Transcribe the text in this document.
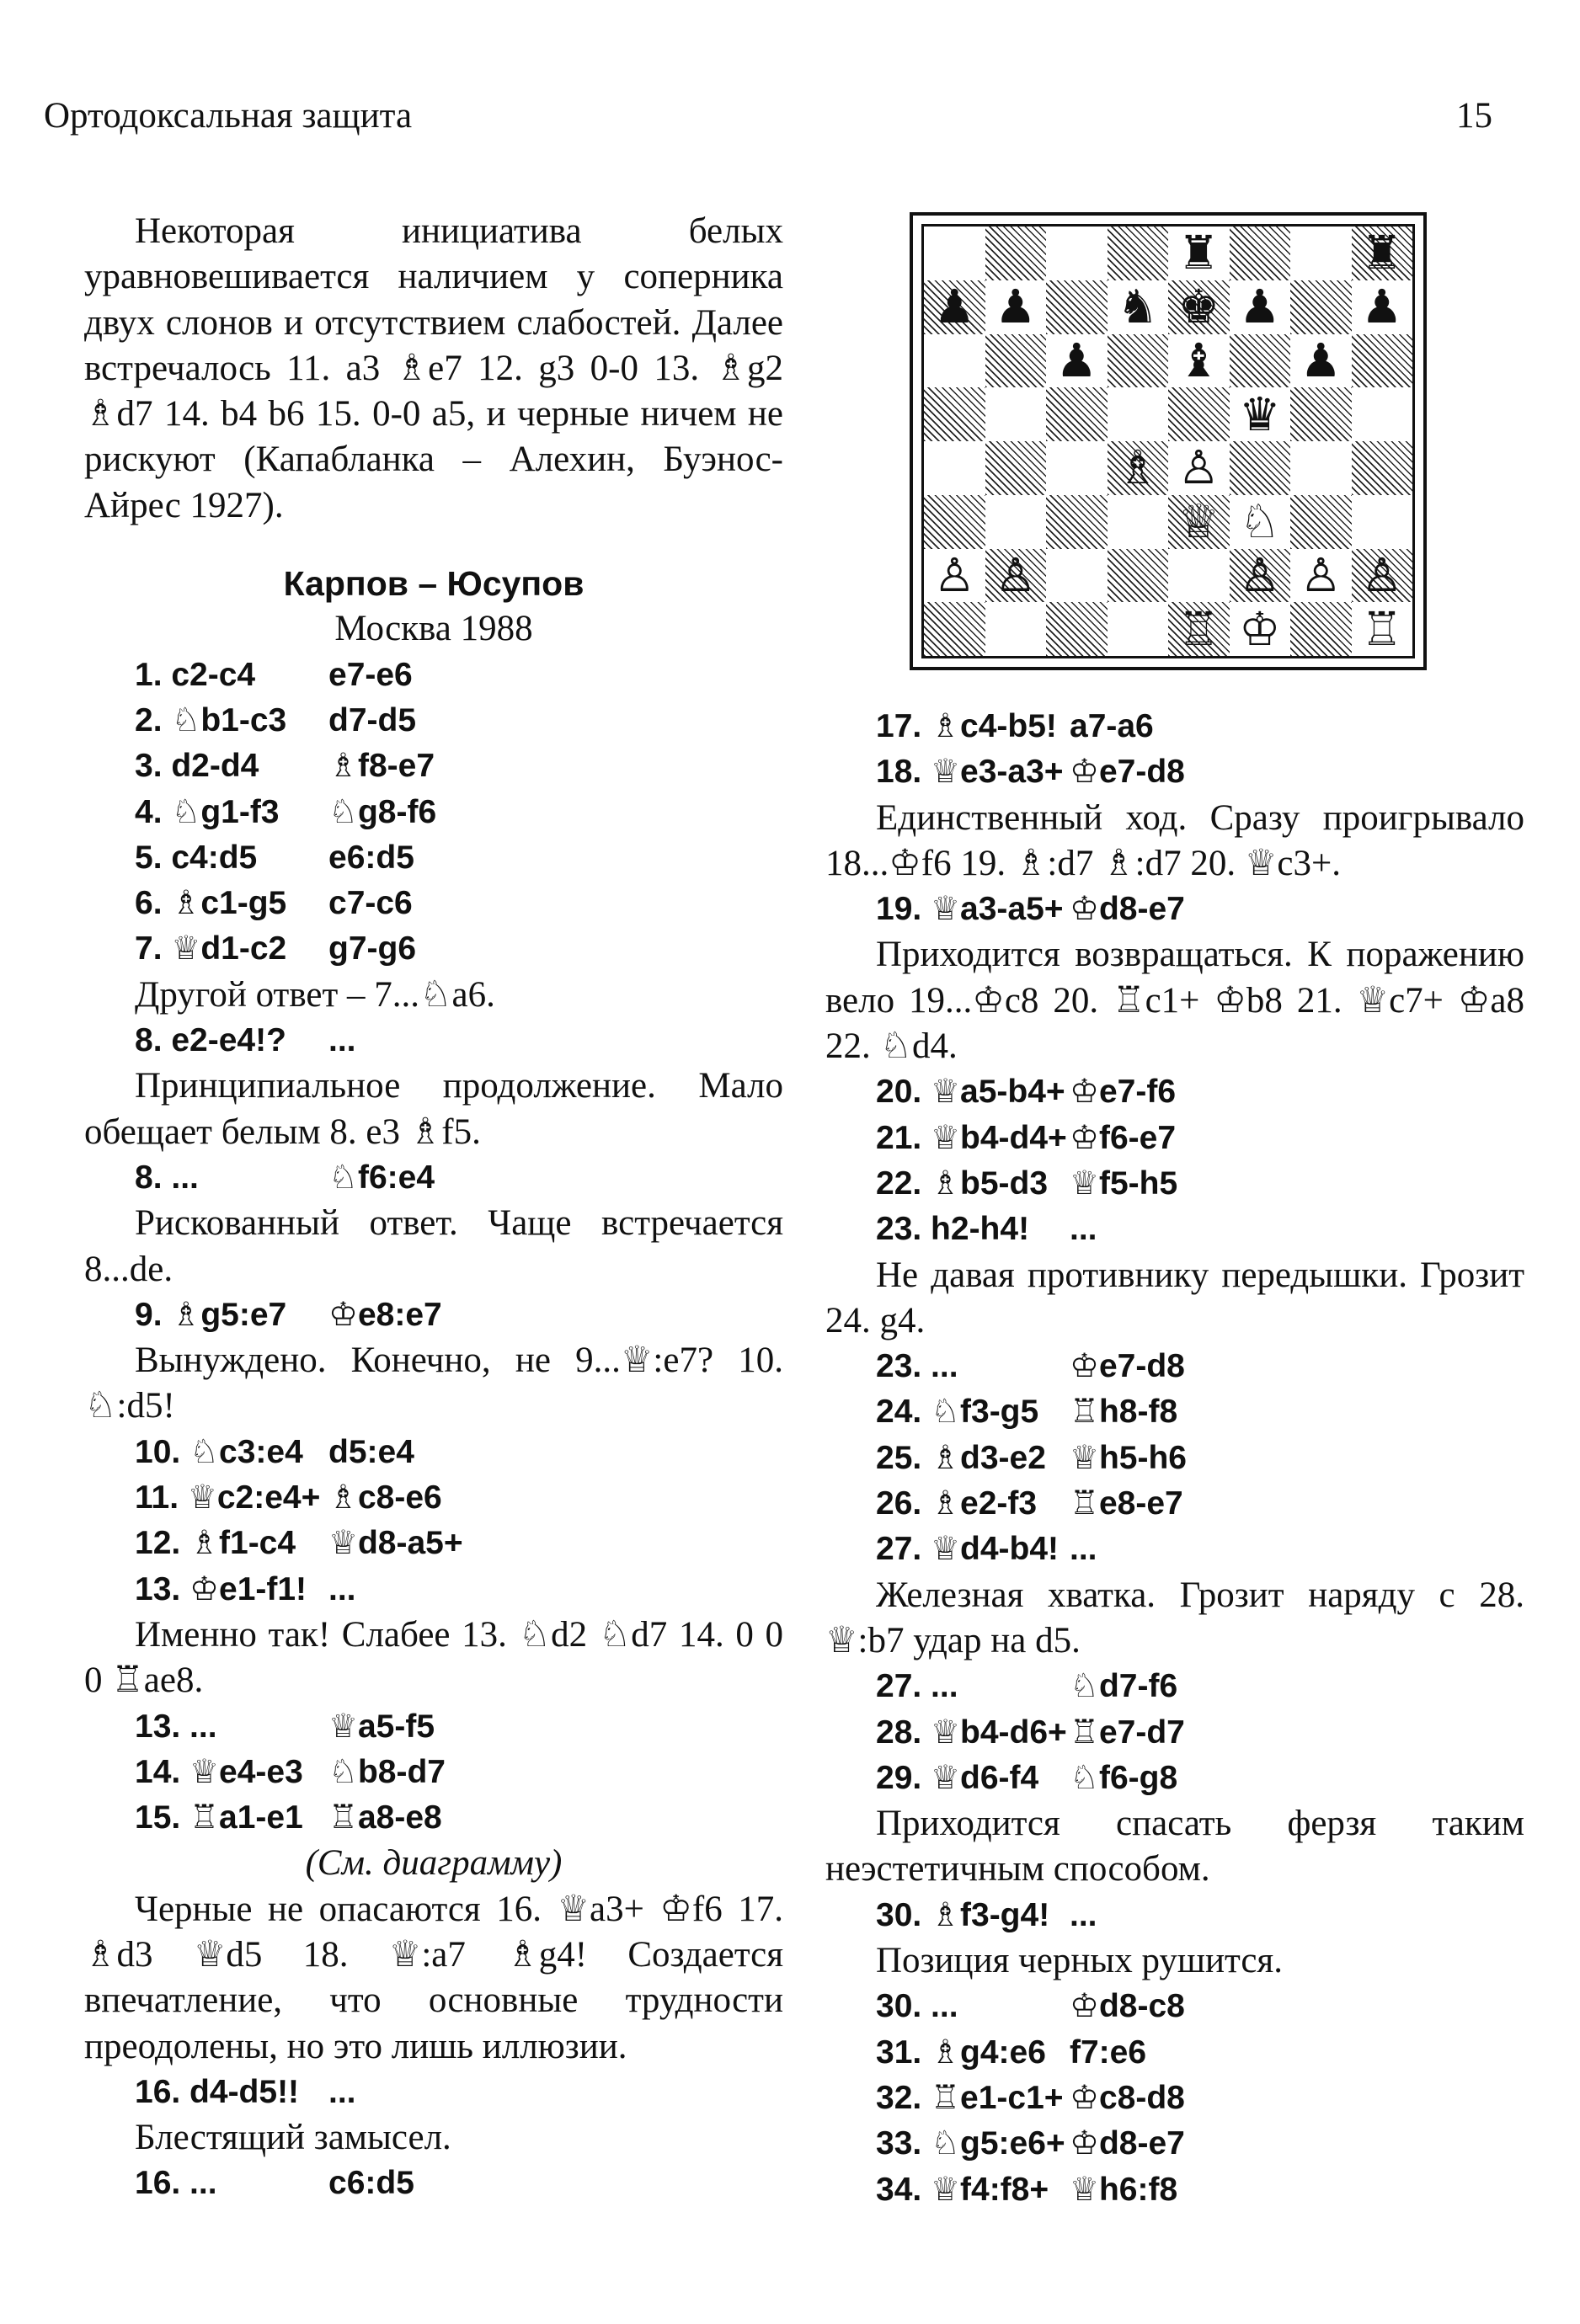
Ортодоксальная защита	15

Некоторая инициатива белых уравновешивается наличием у соперника двух слонов и отсутствием слабостей. Далее встречалось 11. a3 ♗e7 12. g3 0-0 13. ♗g2 ♗d7 14. b4 b6 15. 0-0 a5, и черные ничем не рискуют (Капабланка – Алехин, Буэнос-Айрес 1927).

Карпов – Юсупов
Москва 1988
1. c2-c4	e7-e6
2. ♘b1-c3	d7-d5
3. d2-d4	♗f8-e7
4. ♘g1-f3	♘g8-f6
5. c4:d5	e6:d5
6. ♗c1-g5	c7-c6
7. ♕d1-c2	g7-g6

Другой ответ – 7...♘a6.

8. e2-e4!?	...

Принципиальное продолжение. Мало обещает белым 8. e3 ♗f5.

8. ...	♘f6:e4

Рискованный ответ. Чаще встречается 8...de.

9. ♗g5:e7	♔e8:e7

Вынуждено. Конечно, не 9...♕:e7? 10. ♘:d5!

10. ♘c3:e4 d5:e4
11. ♕c2:e4+ ♗c8-e6
12. ♗f1-c4 ♕d8-a5+
13. ♔e1-f1! ...

Именно так! Слабее 13. ♘d2 ♘d7 14. 0 0 0 ♖ae8.

13. ...	♕a5-f5
14. ♕e4-e3 ♘b8-d7
15. ♖a1-e1 ♖a8-e8
(См. диаграмму)

Черные не опасаются 16. ♕a3+ ♔f6 17. ♗d3 ♕d5 18. ♕:a7 ♗g4! Создается впечатление, что основные трудности преодолены, но это лишь иллюзии.

16. d4-d5!! ...

Блестящий замысел.

16. ...	c6:d5
♜	♜
♟ ♟ ♞ ♚ ♟ ♟
♟ ♝ ♟
♛
♗ ♙
♕ ♘
♙ ♙	♙ ♙ ♙
♖ ♔ ♖
17. ♗c4-b5! a7-a6
18. ♕e3-a3+ ♔e7-d8

Единственный ход. Сразу проигрывало 18...♔f6 19. ♗:d7 ♗:d7 20. ♕c3+.

19. ♕a3-a5+ ♔d8-e7

Приходится возвращаться. К поражению вело 19...♔c8 20. ♖c1+ ♔b8 21. ♕c7+ ♔a8 22. ♘d4.

20. ♕a5-b4+ ♔e7-f6
21. ♕b4-d4+ ♔f6-e7
22. ♗b5-d3 ♕f5-h5
23. h2-h4!	...

Не давая противнику передышки. Грозит 24. g4.

23. ...	♔e7-d8
24. ♘f3-g5 ♖h8-f8
25. ♗d3-e2 ♕h5-h6
26. ♗e2-f3 ♖e8-e7
27. ♕d4-b4! ...

Железная хватка. Грозит наряду с 28. ♕:b7 удар на d5.

27. ...	♘d7-f6
28. ♕b4-d6+ ♖e7-d7
29. ♕d6-f4 ♘f6-g8

Приходится спасать ферзя таким неэстетичным способом.

30. ♗f3-g4! ...

Позиция черных рушится.

30. ...	♔d8-c8
31. ♗g4:e6 f7:e6
32. ♖e1-c1+ ♔c8-d8
33. ♘g5:e6+ ♔d8-e7
34. ♕f4:f8+ ♕h6:f8
